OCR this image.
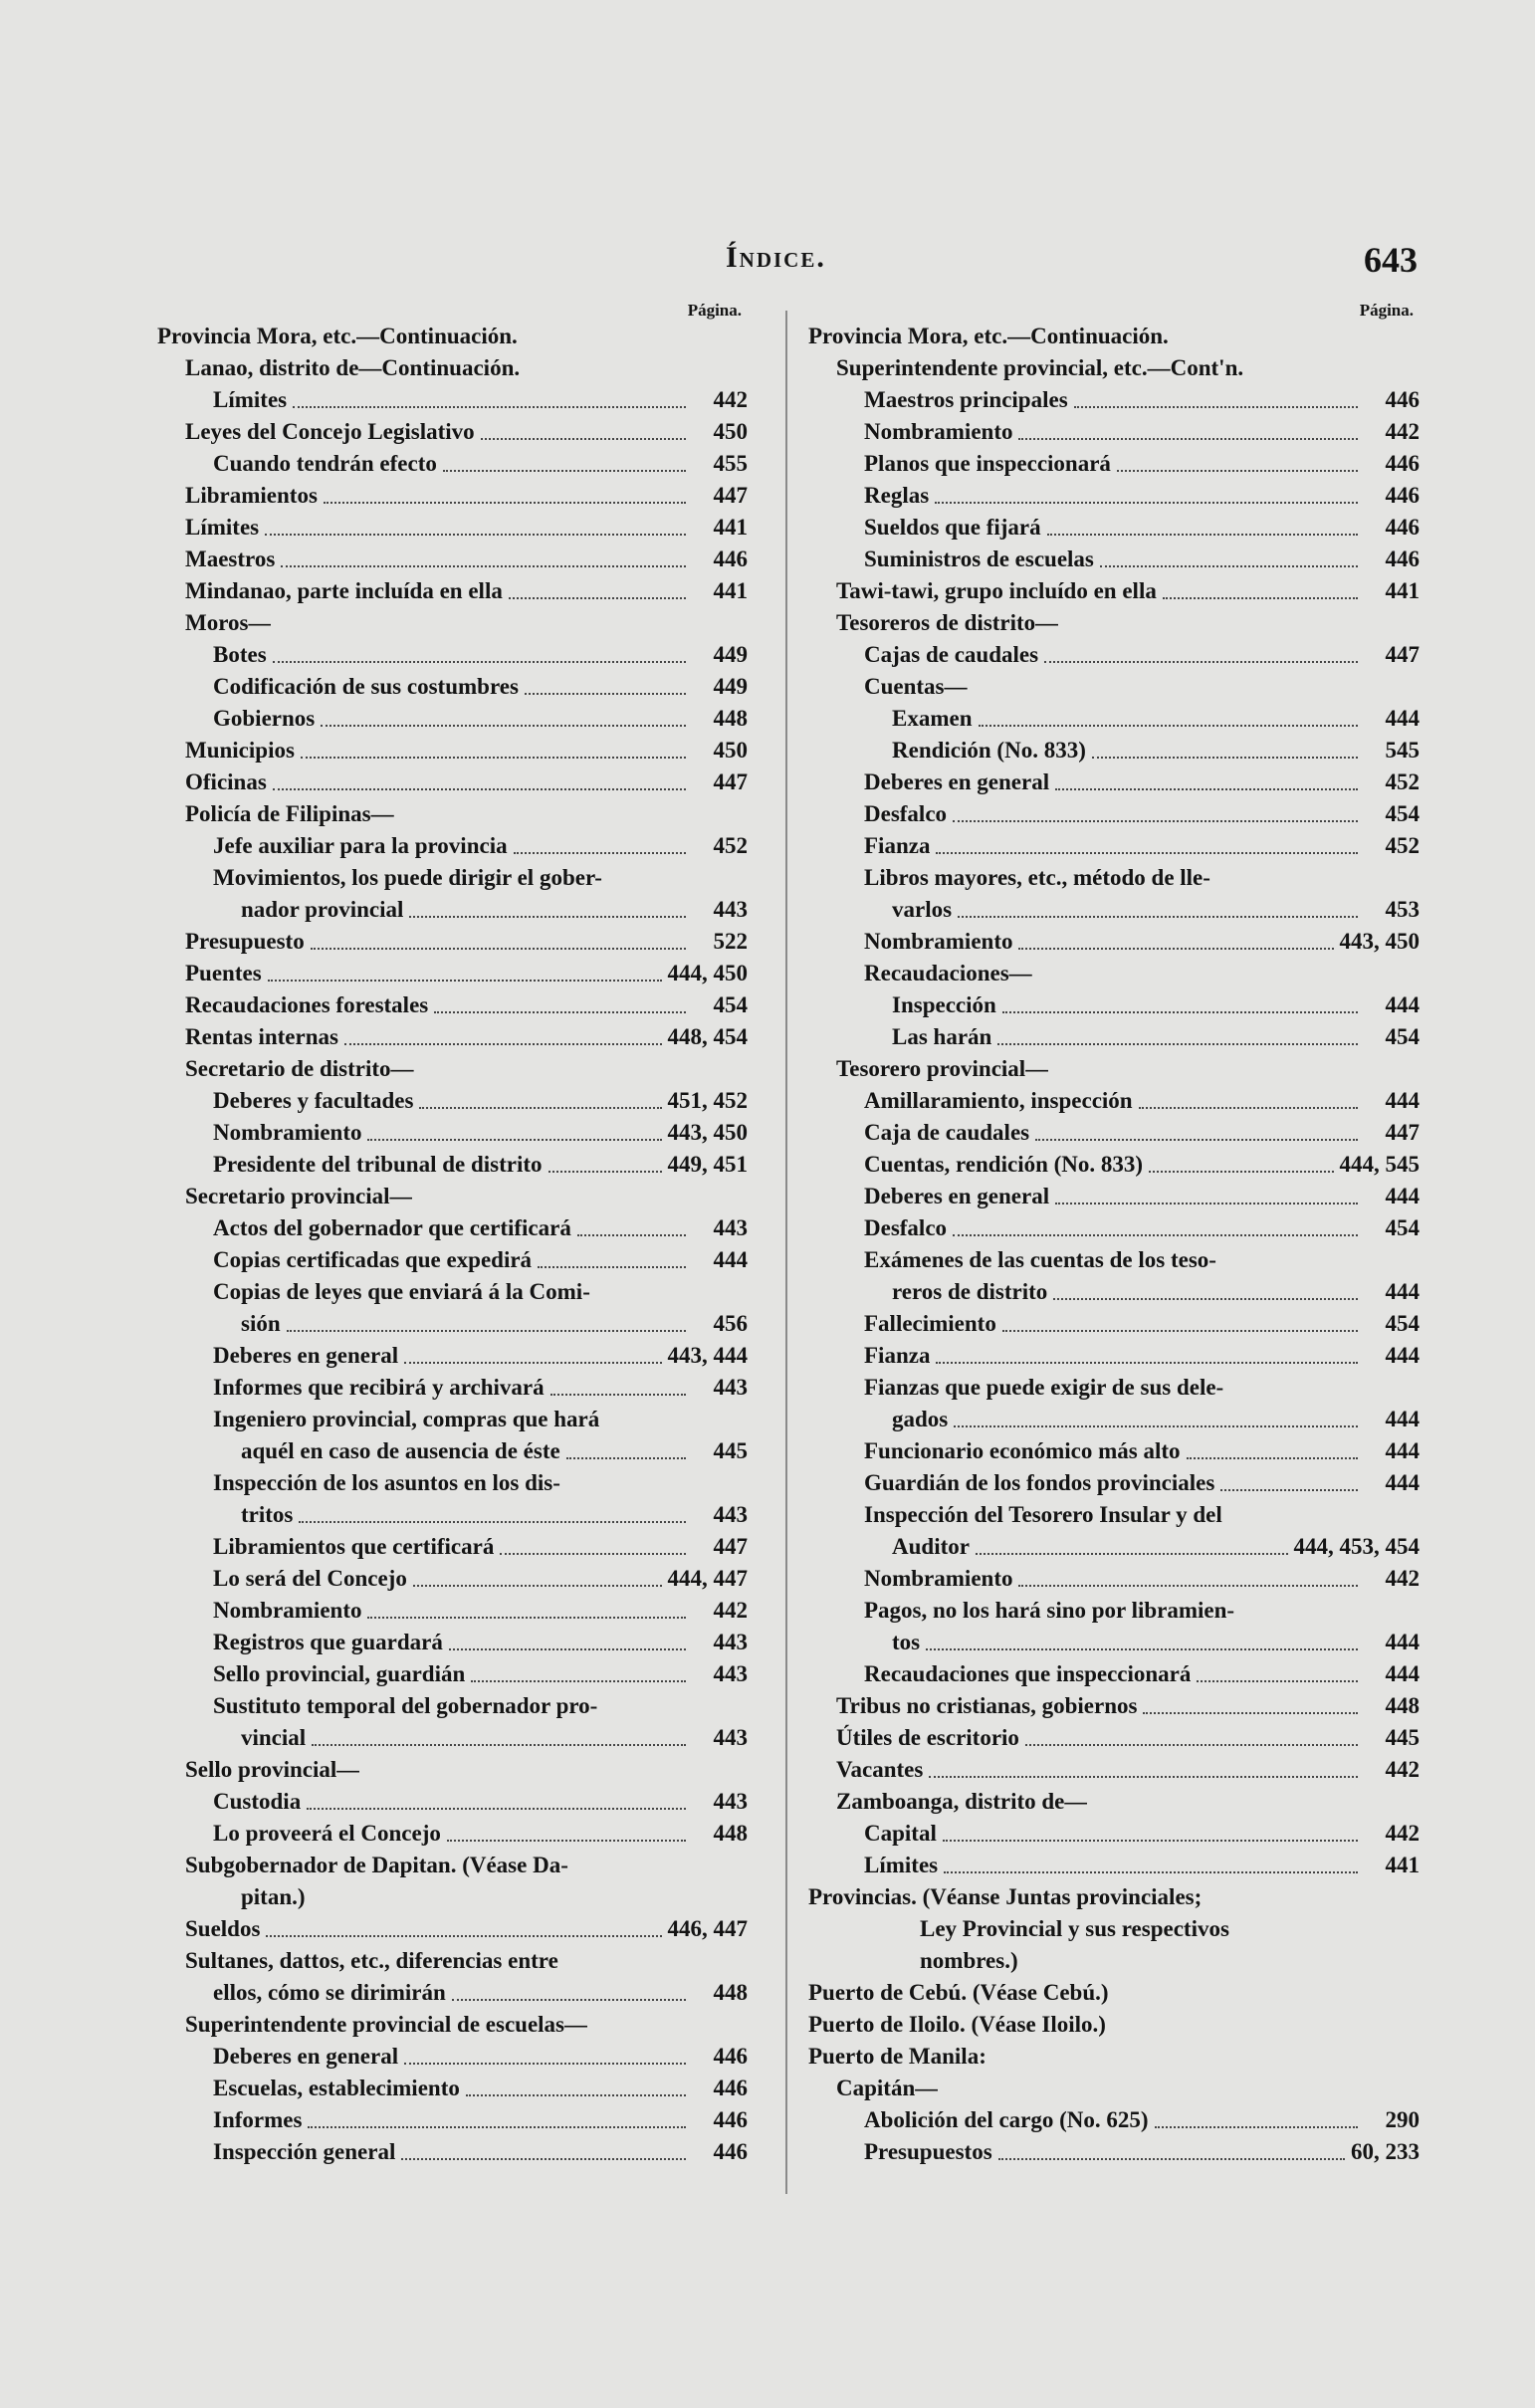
Índice.	643
Página.
Provincia Mora, etc.—Continuación.
Lanao, distrito de—Continuación.
Límites	442
Leyes del Concejo Legislativo	450
Cuando tendrán efecto	455
Libramientos	447
Límites	441
Maestros	446
Mindanao, parte incluída en ella	441
Moros—
Botes	449
Codificación de sus costumbres	449
Gobiernos	448
Municipios	450
Oficinas	447
Policía de Filipinas—
Jefe auxiliar para la provincia	452
Movimientos, los puede dirigir el gober-
nador provincial	443
Presupuesto	522
Puentes	444, 450
Recaudaciones forestales	454
Rentas internas	448, 454
Secretario de distrito—
Deberes y facultades	451, 452
Nombramiento	443, 450
Presidente del tribunal de distrito	449, 451
Secretario provincial—
Actos del gobernador que certificará	443
Copias certificadas que expedirá	444
Copias de leyes que enviará á la Comi-
sión	456
Deberes en general	443, 444
Informes que recibirá y archivará	443
Ingeniero provincial, compras que hará
aquél en caso de ausencia de éste	445
Inspección de los asuntos en los dis-
tritos	443
Libramientos que certificará	447
Lo será del Concejo	444, 447
Nombramiento	442
Registros que guardará	443
Sello provincial, guardián	443
Sustituto temporal del gobernador pro-
vincial	443
Sello provincial—
Custodia	443
Lo proveerá el Concejo	448
Subgobernador de Dapitan. (Véase Da-
pitan.)
Sueldos	446, 447
Sultanes, dattos, etc., diferencias entre
ellos, cómo se dirimirán	448
Superintendente provincial de escuelas—
Deberes en general	446
Escuelas, establecimiento	446
Informes	446
Inspección general	446
Página.
Provincia Mora, etc.—Continuación.
Superintendente provincial, etc.—Cont'n.
Maestros principales	446
Nombramiento	442
Planos que inspeccionará	446
Reglas	446
Sueldos que fijará	446
Suministros de escuelas	446
Tawi-tawi, grupo incluído en ella	441
Tesoreros de distrito—
Cajas de caudales	447
Cuentas—
Examen	444
Rendición (No. 833)	545
Deberes en general	452
Desfalco	454
Fianza	452
Libros mayores, etc., método de lle-
varlos	453
Nombramiento	443, 450
Recaudaciones—
Inspección	444
Las harán	454
Tesorero provincial—
Amillaramiento, inspección	444
Caja de caudales	447
Cuentas, rendición (No. 833)	444, 545
Deberes en general	444
Desfalco	454
Exámenes de las cuentas de los teso-
reros de distrito	444
Fallecimiento	454
Fianza	444
Fianzas que puede exigir de sus dele-
gados	444
Funcionario económico más alto	444
Guardián de los fondos provinciales	444
Inspección del Tesorero Insular y del
Auditor	444, 453, 454
Nombramiento	442
Pagos, no los hará sino por libramien-
tos	444
Recaudaciones que inspeccionará	444
Tribus no cristianas, gobiernos	448
Útiles de escritorio	445
Vacantes	442
Zamboanga, distrito de—
Capital	442
Límites	441
Provincias. (Véanse Juntas provinciales;
Ley Provincial y sus respectivos
nombres.)
Puerto de Cebú. (Véase Cebú.)
Puerto de Iloilo. (Véase Iloilo.)
Puerto de Manila:
Capitán—
Abolición del cargo (No. 625)	290
Presupuestos	60, 233
